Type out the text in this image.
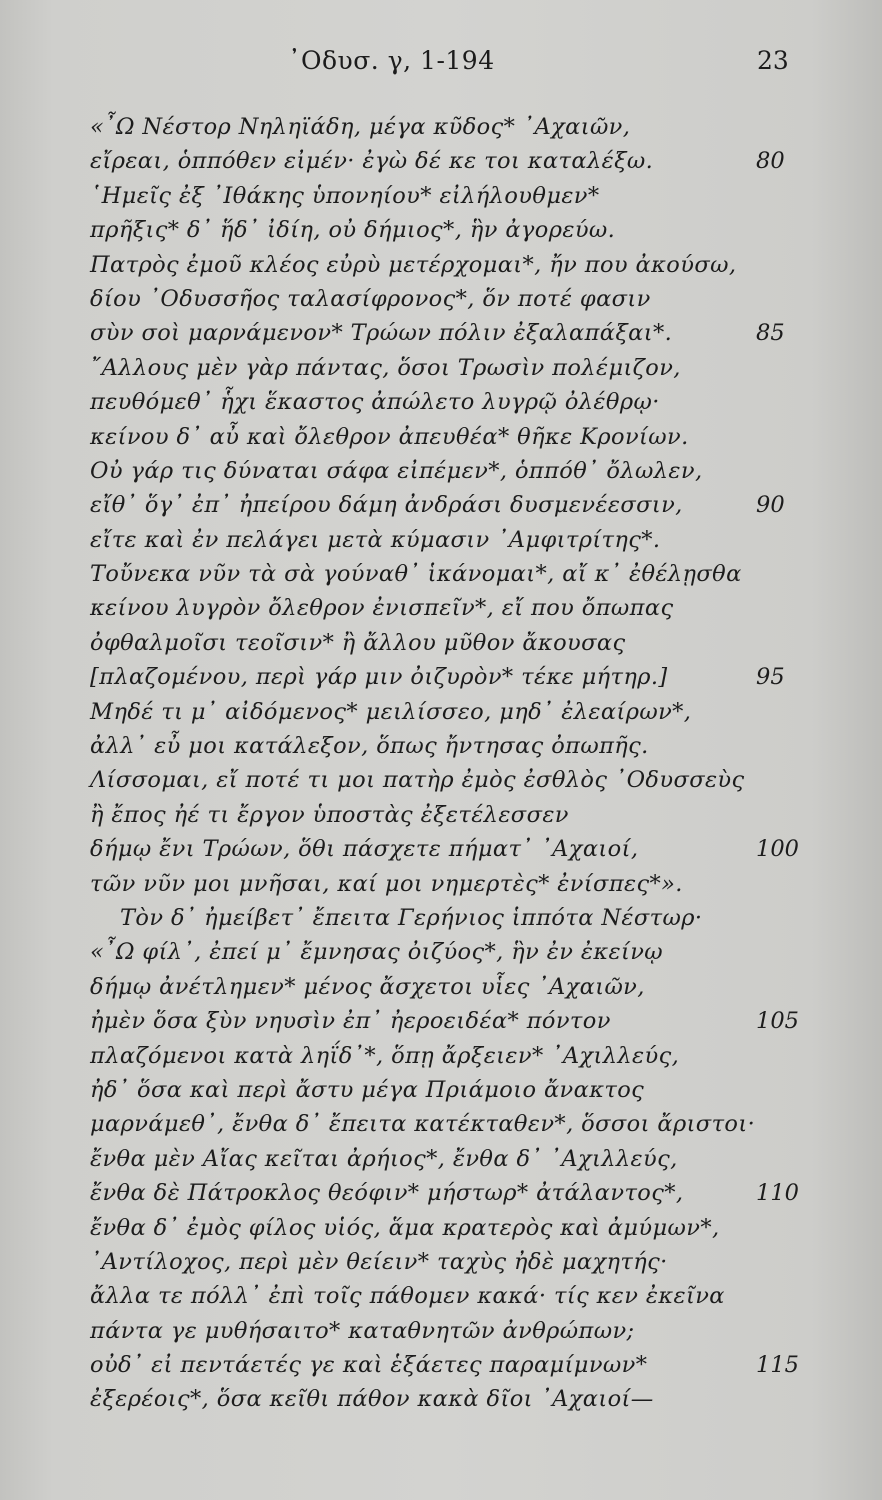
᾿Οδυσ. γ, 1-194	23
«῏Ω Νέστορ Νηληϊάδη, μέγα κῦδος* ᾿Αχαιῶν,
εἴρεαι, ὁππόθεν εἰμέν· ἐγὼ δέ κε τοι καταλέξω.	80
῾Ημεῖς ἐξ ᾿Ιθάκης ὑπονηίου* εἰλήλουθμεν*
πρῆξις* δ᾿ ἥδ᾿ ἰδίη, οὐ δήμιος*, ἣν ἀγορεύω.
Πατρὸς ἐμοῦ κλέος εὐρὺ μετέρχομαι*, ἤν που ἀκούσω,
δίου ᾿Οδυσσῆος ταλασίφρονος*, ὅν ποτέ φασιν
σὺν σοὶ μαρνάμενον* Τρώων πόλιν ἐξαλαπάξαι*.	85
῎Αλλους μὲν γὰρ πάντας, ὅσοι Τρωσὶν πολέμιζον,
πευθόμεθ᾿ ἧχι ἕκαστος ἀπώλετο λυγρῷ ὀλέθρῳ·
κείνου δ᾿ αὖ καὶ ὄλεθρον ἀπευθέα* θῆκε Κρονίων.
Οὐ γάρ τις δύναται σάφα εἰπέμεν*, ὁππόθ᾿ ὄλωλεν,
εἴθ᾿ ὅγ᾿ ἐπ᾿ ἠπείρου δάμη ἀνδράσι δυσμενέεσσιν,	90
εἴτε καὶ ἐν πελάγει μετὰ κύμασιν ᾿Αμφιτρίτης*.
Τοὔνεκα νῦν τὰ σὰ γούναθ᾿ ἱκάνομαι*, αἴ κ᾿ ἐθέλῃσθα
κείνου λυγρὸν ὄλεθρον ἐνισπεῖν*, εἴ που ὄπωπας
ὀφθαλμοῖσι τεοῖσιν* ἢ ἄλλου μῦθον ἄκουσας
[πλαζομένου, περὶ γάρ μιν ὀιζυρὸν* τέκε μήτηρ.]	95
Μηδέ τι μ᾿ αἰδόμενος* μειλίσσεο, μηδ᾿ ἐλεαίρων*,
ἀλλ᾿ εὖ μοι κατάλεξον, ὅπως ἤντησας ὀπωπῆς.
Λίσσομαι, εἴ ποτέ τι μοι πατὴρ ἐμὸς ἐσθλὸς ᾿Οδυσσεὺς
ἢ ἔπος ἠέ τι ἔργον ὑποστὰς ἐξετέλεσσεν
δήμῳ ἔνι Τρώων, ὅθι πάσχετε πήματ᾿ ᾿Αχαιοί,	100
τῶν νῦν μοι μνῆσαι, καί μοι νημερτὲς* ἐνίσπες*».
Τὸν δ᾿ ἠμείβετ᾿ ἔπειτα Γερήνιος ἱππότα Νέστωρ·
«῏Ω φίλ᾿, ἐπεί μ᾿ ἔμνησας ὀιζύος*, ἣν ἐν ἐκείνῳ
δήμῳ ἀνέτλημεν* μένος ἄσχετοι υἷες ᾿Αχαιῶν,
ἠμὲν ὅσα ξὺν νηυσὶν ἐπ᾿ ἠεροειδέα* πόντον	105
πλαζόμενοι κατὰ ληΐδ᾿*, ὅπῃ ἄρξειεν* ᾿Αχιλλεύς,
ἠδ᾿ ὅσα καὶ περὶ ἄστυ μέγα Πριάμοιο ἄνακτος
μαρνάμεθ᾿, ἔνθα δ᾿ ἔπειτα κατέκταθεν*, ὅσσοι ἄριστοι·
ἔνθα μὲν Αἴας κεῖται ἀρήιος*, ἔνθα δ᾿ ᾿Αχιλλεύς,
ἔνθα δὲ Πάτροκλος θεόφιν* μήστωρ* ἀτάλαντος*,	110
ἔνθα δ᾿ ἐμὸς φίλος υἱός, ἅμα κρατερὸς καὶ ἀμύμων*,
᾿Αντίλοχος, περὶ μὲν θείειν* ταχὺς ἠδὲ μαχητής·
ἄλλα τε πόλλ᾿ ἐπὶ τοῖς πάθομεν κακά· τίς κεν ἐκεῖνα
πάντα γε μυθήσαιτο* καταθνητῶν ἀνθρώπων;
οὐδ᾿ εἰ πεντάετές γε καὶ ἑξάετες παραμίμνων*	115
ἐξερέοις*, ὅσα κεῖθι πάθον κακὰ δῖοι ᾿Αχαιοί—
